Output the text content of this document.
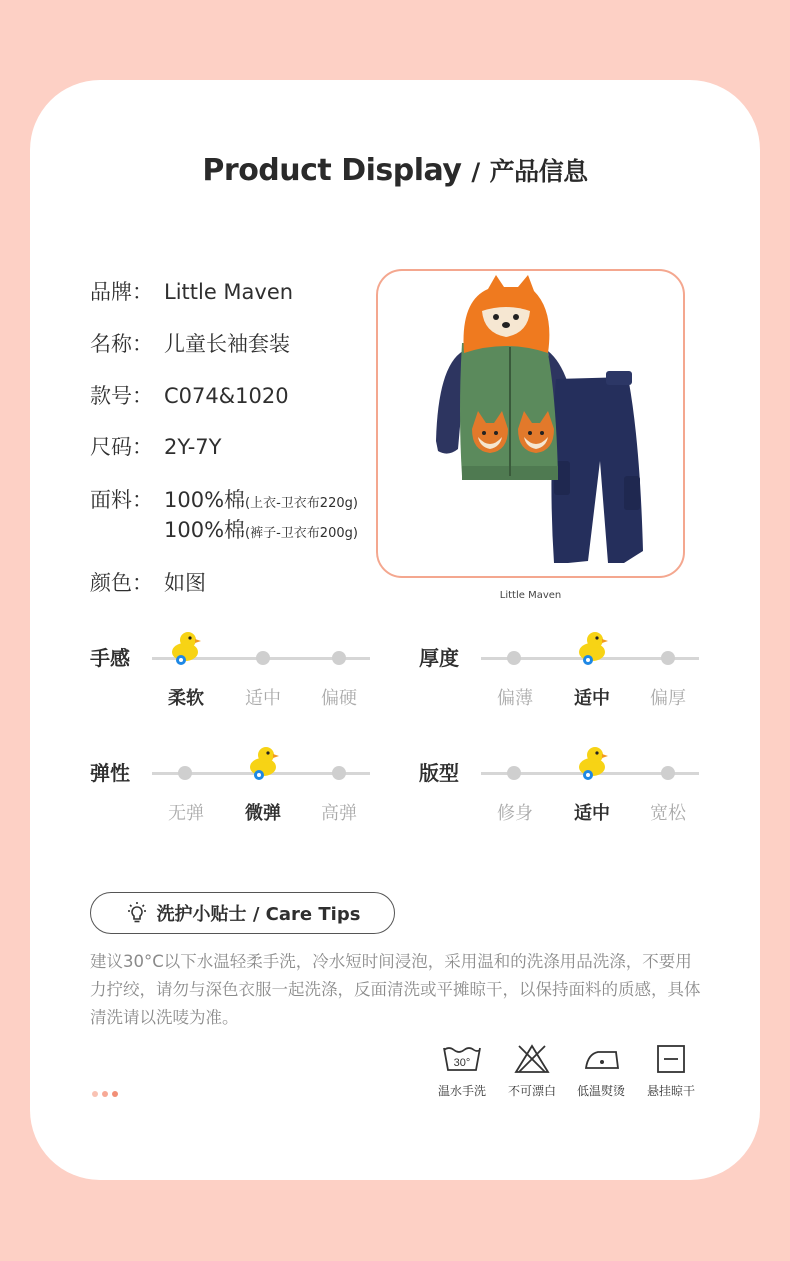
Product Display / 产品信息
品牌： Little Maven
名称： 儿童长袖套装
款号： C074&1020
尺码： 2Y-7Y
面料： 100%棉(上衣-卫衣布220g)
100%棉(裤子-卫衣布200g)
颜色： 如图
Little Maven
手感
柔软	适中	偏硬
厚度
偏薄	适中	偏厚
弹性
无弹	微弹	高弹
版型
修身	适中	宽松
洗护小贴士 / Care Tips

建议30°C以下水温轻柔手洗，冷水短时间浸泡，采用温和的洗涤用品洗涤，不要用力拧绞，请勿与深色衣服一起洗涤，反面清洗或平摊晾干，以保持面料的质感，具体清洗请以洗唛为准。

30°
温水手洗	不可漂白	低温熨烫	悬挂晾干
